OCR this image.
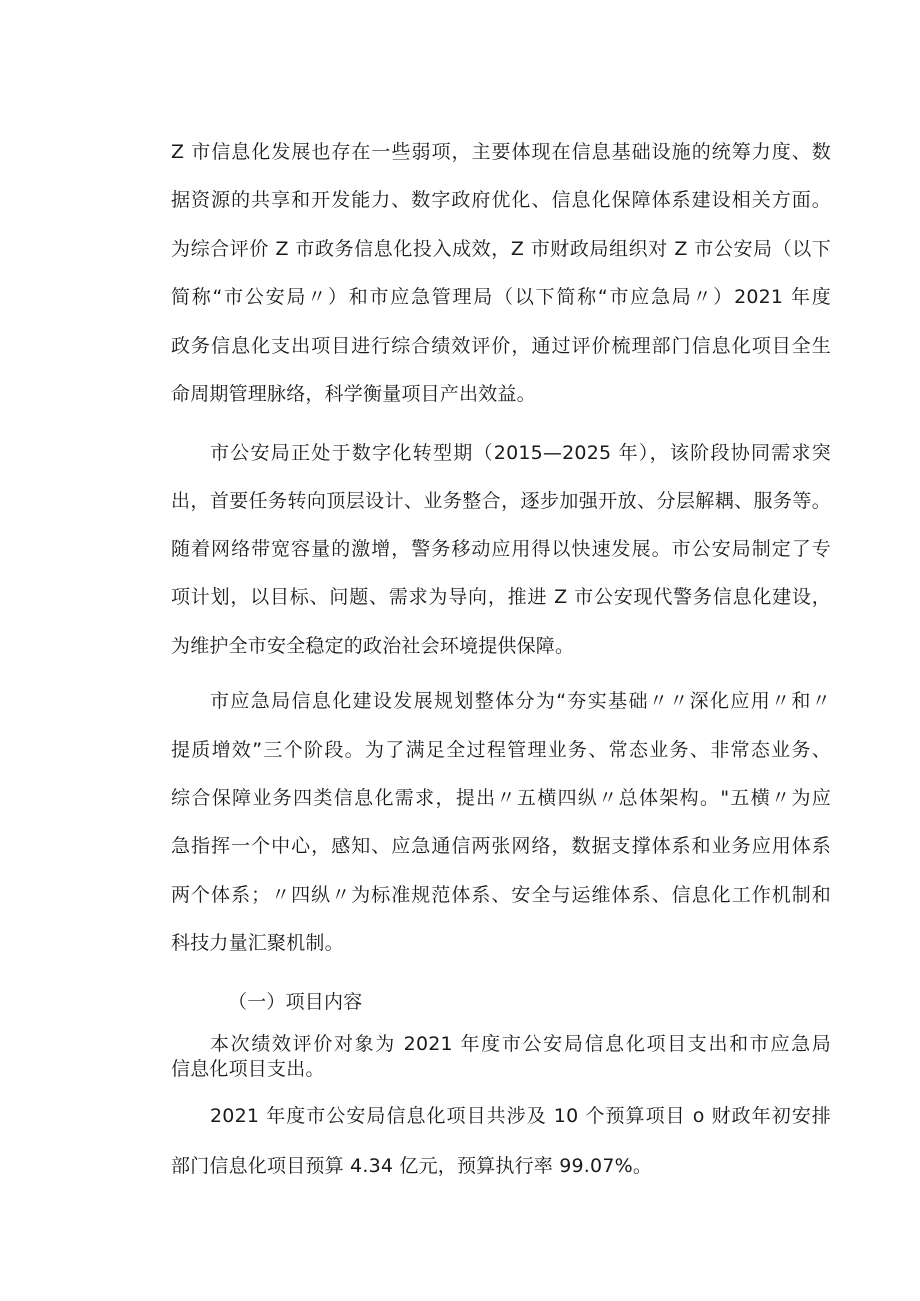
Z 市信息化发展也存在一些弱项，主要体现在信息基础设施的统筹力度、数
据资源的共享和开发能力、数字政府优化、信息化保障体系建设相关方面。
为综合评价 Z 市政务信息化投入成效，Z 市财政局组织对 Z 市公安局（以下
简称“市公安局〃）和市应急管理局（以下简称“市应急局〃）2021 年度
政务信息化支出项目进行综合绩效评价，通过评价梳理部门信息化项目全生
命周期管理脉络，科学衡量项目产出效益。
市公安局正处于数字化转型期（2015—2025 年），该阶段协同需求突
出，首要任务转向顶层设计、业务整合，逐步加强开放、分层解耦、服务等。
随着网络带宽容量的激增，警务移动应用得以快速发展。市公安局制定了专
项计划，以目标、问题、需求为导向，推进 Z 市公安现代警务信息化建设，
为维护全市安全稳定的政治社会环境提供保障。
市应急局信息化建设发展规划整体分为“夯实基础〃〃深化应用〃和〃
提质增效”三个阶段。为了满足全过程管理业务、常态业务、非常态业务、
综合保障业务四类信息化需求，提出〃五横四纵〃总体架构。"五横〃为应
急指挥一个中心，感知、应急通信两张网络，数据支撑体系和业务应用体系
两个体系；〃四纵〃为标准规范体系、安全与运维体系、信息化工作机制和
科技力量汇聚机制。
（一）项目内容
本次绩效评价对象为 2021 年度市公安局信息化项目支出和市应急局
信息化项目支出。
2021 年度市公安局信息化项目共涉及 10 个预算项目 o 财政年初安排
部门信息化项目预算 4.34 亿元，预算执行率 99.07%。
